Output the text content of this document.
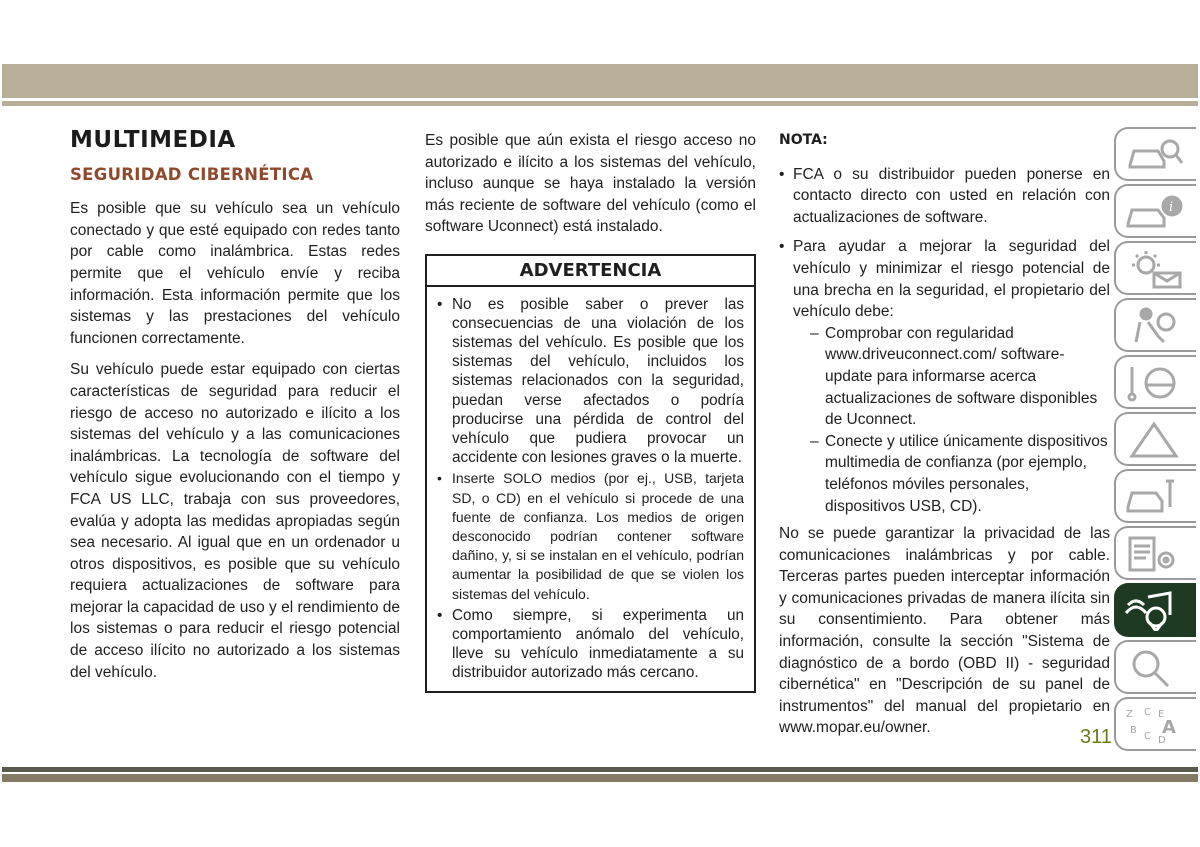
MULTIMEDIA
SEGURIDAD CIBERNÉTICA

Es posible que su vehículo sea un vehículo conectado y que esté equipado con redes tanto por cable como inalámbrica. Estas redes permite que el vehículo envíe y reciba información. Esta información permite que los sistemas y las prestaciones del vehículo funcionen correctamente.

Su vehículo puede estar equipado con ciertas características de seguridad para reducir el riesgo de acceso no autorizado e ilícito a los sistemas del vehículo y a las comunicaciones inalámbricas. La tecnología de software del vehículo sigue evolucionando con el tiempo y FCA US LLC, trabaja con sus proveedores, evalúa y adopta las medidas apropiadas según sea necesario. Al igual que en un ordenador u otros dispositivos, es posible que su vehículo requiera actualizaciones de software para mejorar la capacidad de uso y el rendimiento de los sistemas o para reducir el riesgo potencial de acceso ilícito no autorizado a los sistemas del vehículo.

Es posible que aún exista el riesgo acceso no autorizado e ilícito a los sistemas del vehículo, incluso aunque se haya instalado la versión más reciente de software del vehículo (como el software Uconnect) está instalado.

ADVERTENCIA
• No es posible saber o prever las consecuencias de una violación de los sistemas del vehículo. Es posible que los sistemas del vehículo, incluidos los sistemas relacionados con la seguridad, puedan verse afectados o podría producirse una pérdida de control del vehículo que pudiera provocar un accidente con lesiones graves o la muerte.
• Inserte SOLO medios (por ej., USB, tarjeta SD, o CD) en el vehículo si procede de una fuente de confianza. Los medios de origen desconocido podrían contener software dañino, y, si se instalan en el vehículo, podrían aumentar la posibilidad de que se violen los sistemas del vehículo.
• Como siempre, si experimenta un comportamiento anómalo del vehículo, lleve su vehículo inmediatamente a su distribuidor autorizado más cercano.
NOTA:
• FCA o su distribuidor pueden ponerse en contacto directo con usted en relación con actualizaciones de software.
• Para ayudar a mejorar la seguridad del vehículo y minimizar el riesgo potencial de una brecha en la seguridad, el propietario del vehículo debe:
– Comprobar con regularidad www.driveuconnect.com/ software-update para informarse acerca actualizaciones de software disponibles de Uconnect.
– Conecte y utilice únicamente dispositivos multimedia de confianza (por ejemplo, teléfonos móviles personales, dispositivos USB, CD).

No se puede garantizar la privacidad de las comunicaciones inalámbricas y por cable. Terceras partes pueden interceptar información y comunicaciones privadas de manera ilícita sin su consentimiento. Para obtener más información, consulte la sección "Sistema de diagnóstico de a bordo (OBD II) - seguridad cibernética" en "Descripción de su panel de instrumentos" del manual del propietario en www.mopar.eu/owner.

i
Z C E
B
C D
A
311
